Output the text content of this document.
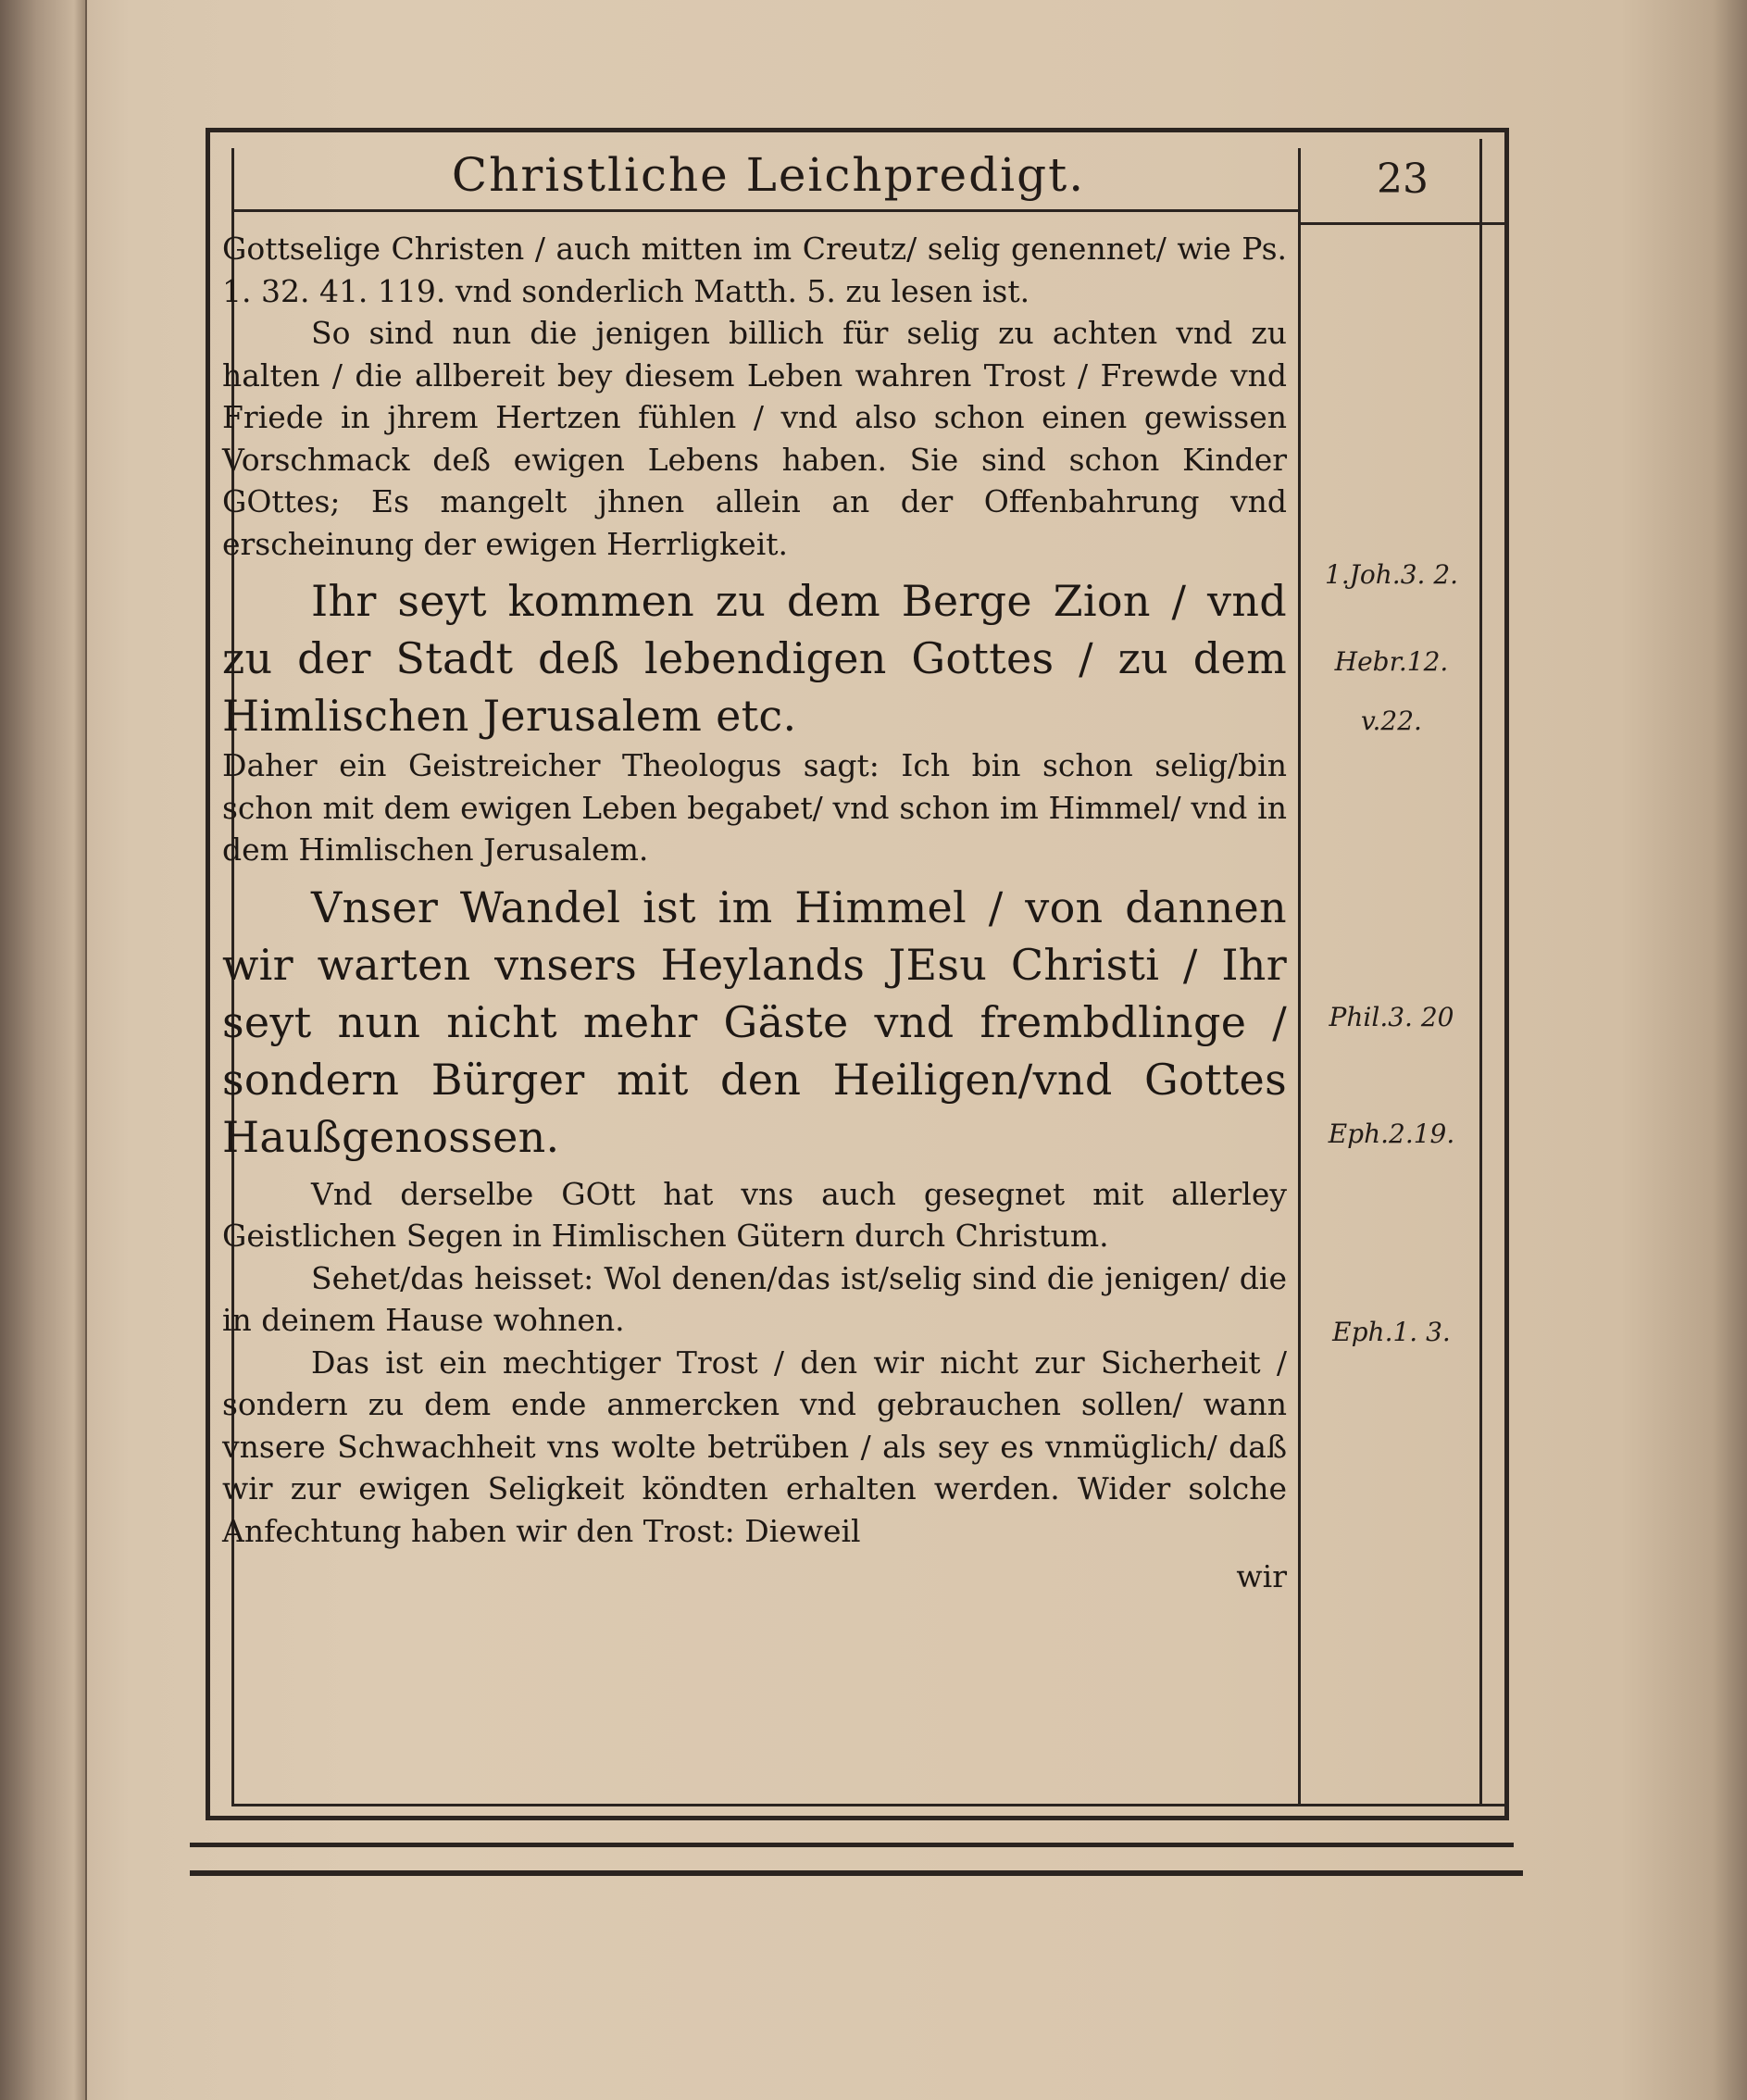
Christliche Leichpredigt.	23

Gottselige Christen / auch mitten im Creutz/ selig genennet/ wie Ps. 1. 32. 41. 119. vnd sonderlich Matth. 5. zu lesen ist.

So sind nun die jenigen billich für selig zu achten vnd zu halten / die allbereit bey diesem Leben wahren Trost / Frewde vnd Friede in jhrem Hertzen fühlen / vnd also schon einen gewissen Vorschmack deß ewigen Lebens haben. Sie sind schon Kinder GOttes; Es mangelt jhnen allein an der Offenbahrung vnd erscheinung der ewigen Herrligkeit.

Ihr seyt kommen zu dem Berge Zion / vnd zu der Stadt deß lebendigen Gottes / zu dem Himlischen Jerusalem etc.

Daher ein Geistreicher Theologus sagt: Ich bin schon selig/bin schon mit dem ewigen Leben begabet/ vnd schon im Himmel/ vnd in dem Himlischen Jerusalem.

Vnser Wandel ist im Himmel / von dannen wir warten vnsers Heylands JEsu Christi / Ihr seyt nun nicht mehr Gäste vnd frembdlinge / sondern Bürger mit den Heiligen/vnd Gottes Haußgenossen.

Vnd derselbe GOtt hat vns auch gesegnet mit allerley Geistlichen Segen in Himlischen Gütern durch Christum.

Sehet/das heisset: Wol denen/das ist/selig sind die jenigen/ die in deinem Hause wohnen.

Das ist ein mechtiger Trost / den wir nicht zur Sicherheit / sondern zu dem ende anmercken vnd gebrauchen sollen/ wann vnsere Schwachheit vns wolte betrüben / als sey es vnmüglich/ daß wir zur ewigen Seligkeit köndten erhalten werden. Wider solche Anfechtung haben wir den Trost: Dieweil

wir

1.Joh.3. 2.
Hebr.12.
v.22.
Phil.3. 20
Eph.2.19.
Eph.1. 3.
